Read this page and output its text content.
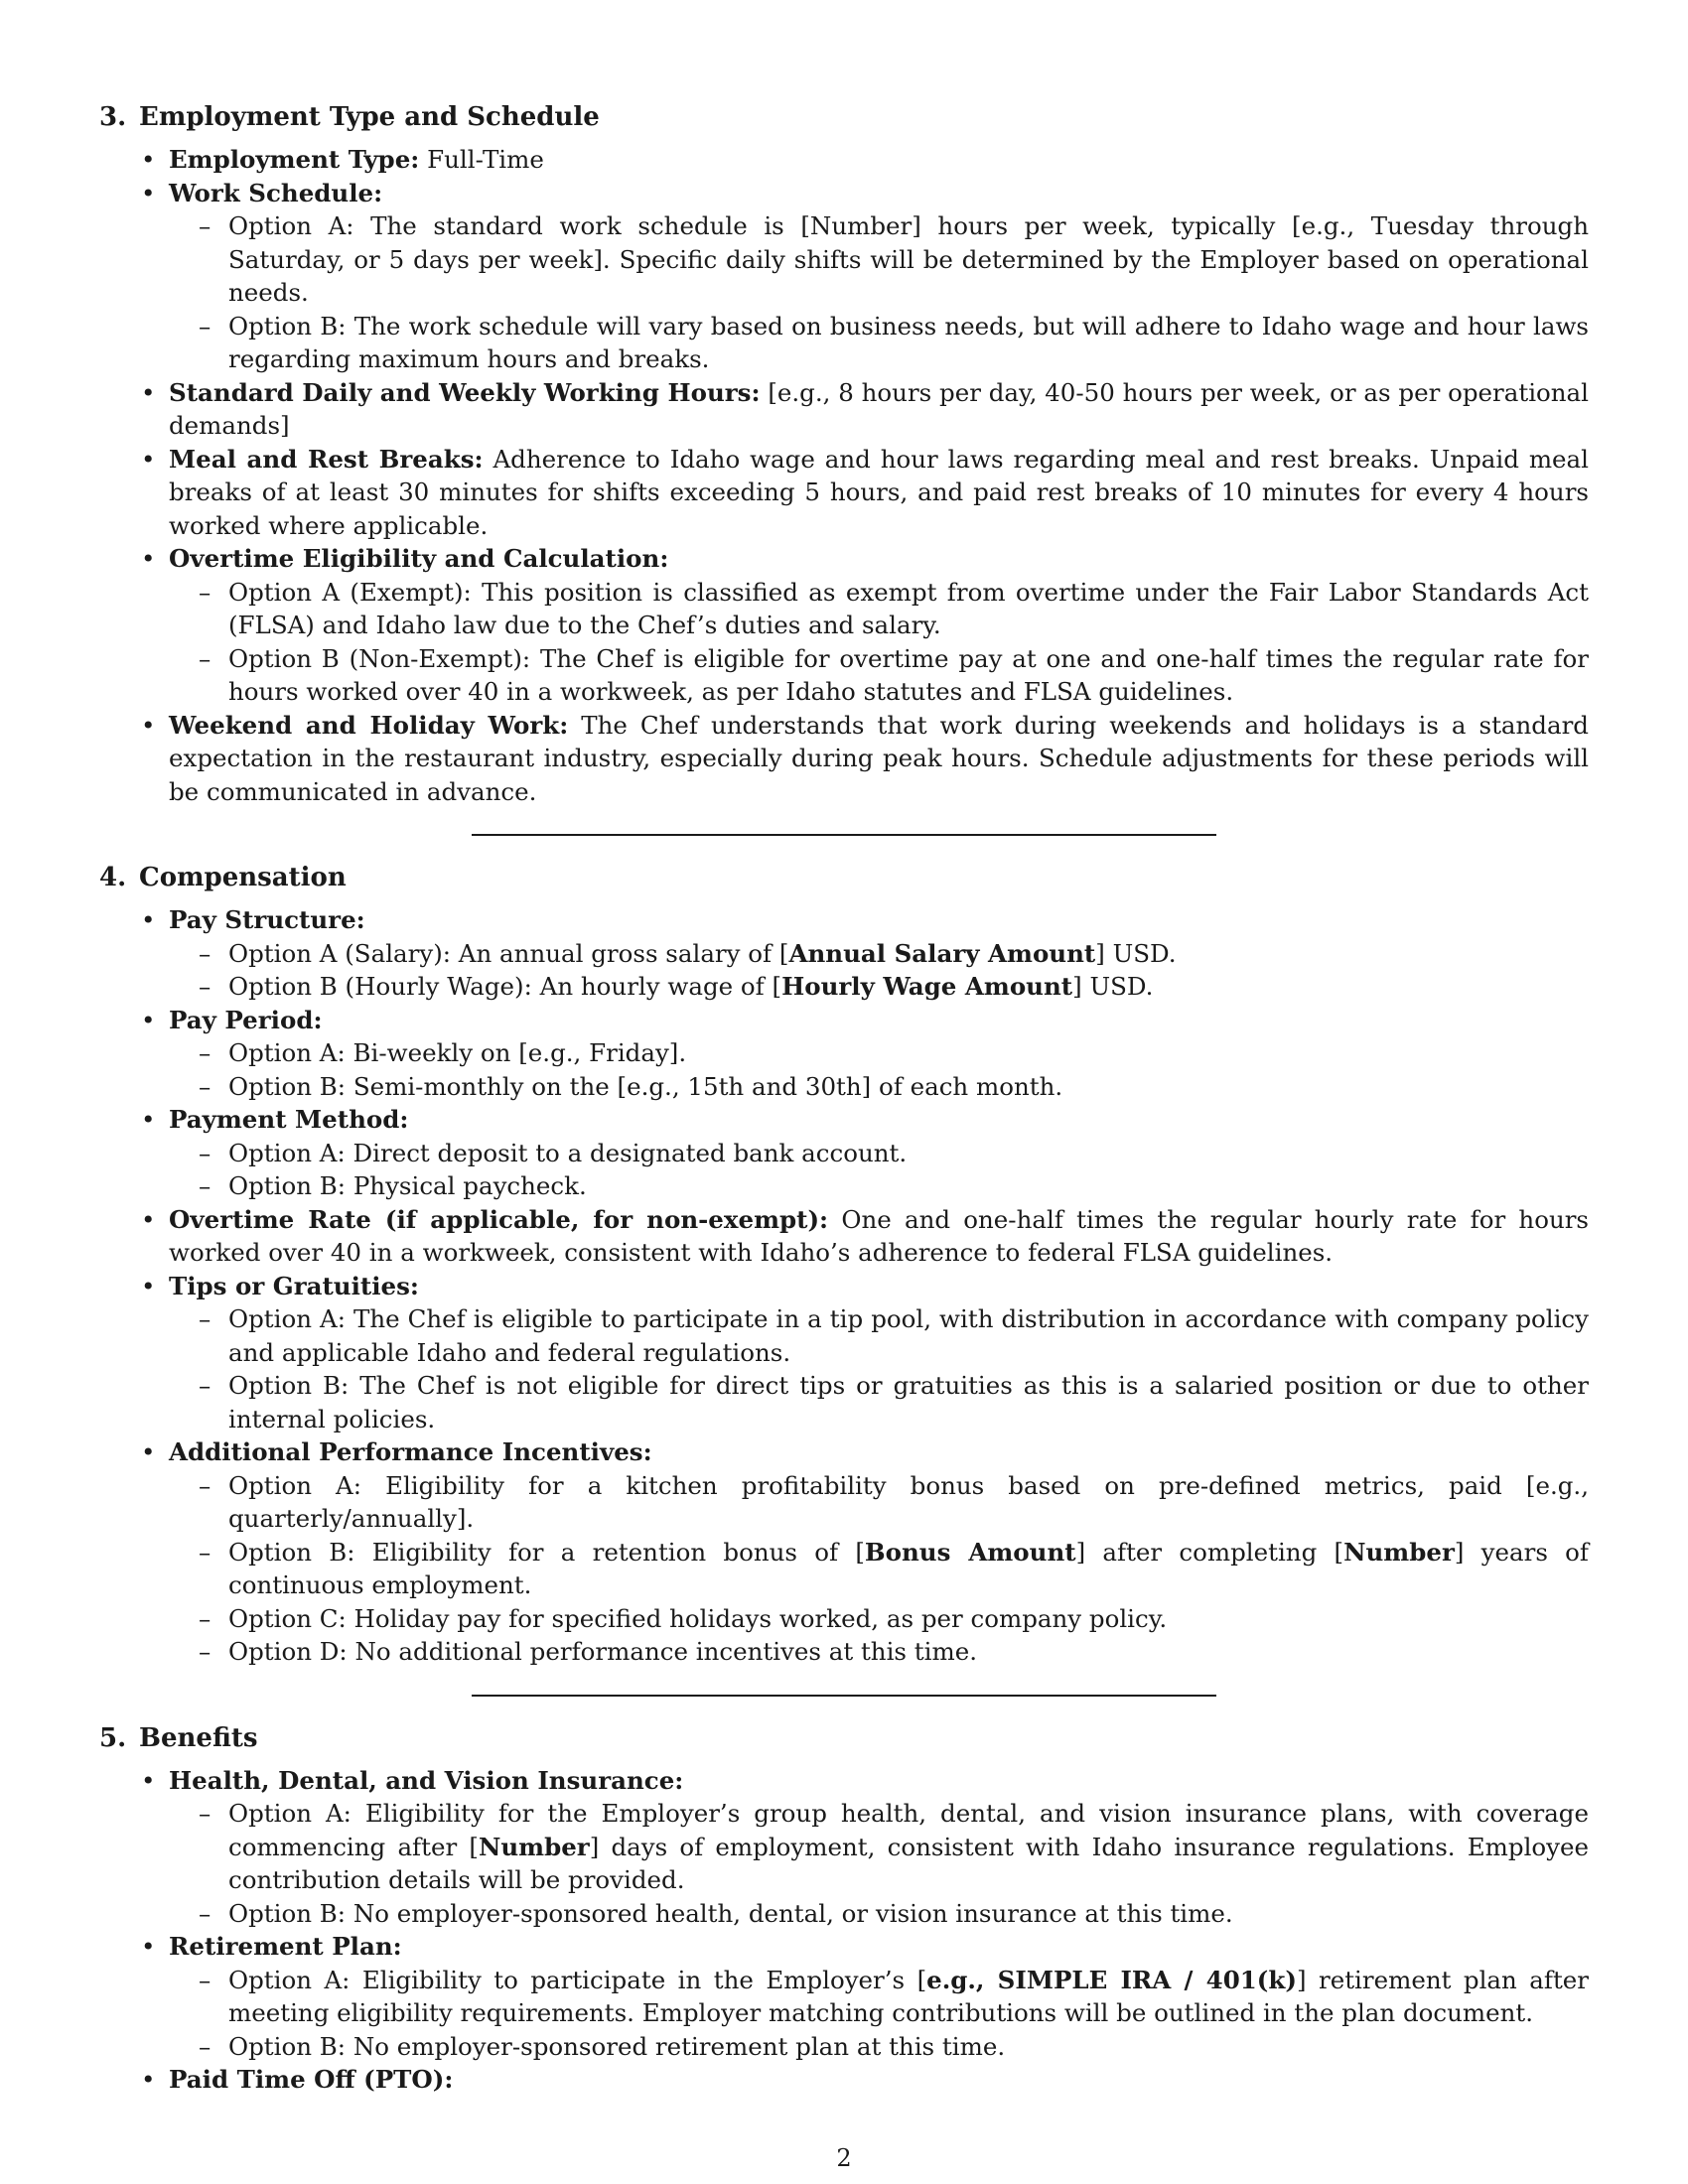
3. Employment Type and Schedule
• Employment Type: Full-Time
• Work Schedule:
– Option A: The standard work schedule is [Number] hours per week, typically [e.g., Tuesday through Saturday, or 5 days per week]. Specific daily shifts will be determined by the Employer based on operational needs.
– Option B: The work schedule will vary based on business needs, but will adhere to Idaho wage and hour laws regarding maximum hours and breaks.
• Standard Daily and Weekly Working Hours: [e.g., 8 hours per day, 40-50 hours per week, or as per operational demands]
• Meal and Rest Breaks: Adherence to Idaho wage and hour laws regarding meal and rest breaks. Unpaid meal breaks of at least 30 minutes for shifts exceeding 5 hours, and paid rest breaks of 10 minutes for every 4 hours worked where applicable.
• Overtime Eligibility and Calculation:
– Option A (Exempt): This position is classified as exempt from overtime under the Fair Labor Standards Act (FLSA) and Idaho law due to the Chef’s duties and salary.
– Option B (Non-Exempt): The Chef is eligible for overtime pay at one and one-half times the regular rate for hours worked over 40 in a workweek, as per Idaho statutes and FLSA guidelines.
• Weekend and Holiday Work: The Chef understands that work during weekends and holidays is a standard expectation in the restaurant industry, especially during peak hours. Schedule adjustments for these periods will be communicated in advance.
4. Compensation
• Pay Structure:
– Option A (Salary): An annual gross salary of [Annual Salary Amount] USD.
– Option B (Hourly Wage): An hourly wage of [Hourly Wage Amount] USD.
• Pay Period:
– Option A: Bi-weekly on [e.g., Friday].
– Option B: Semi-monthly on the [e.g., 15th and 30th] of each month.
• Payment Method:
– Option A: Direct deposit to a designated bank account.
– Option B: Physical paycheck.
• Overtime Rate (if applicable, for non-exempt): One and one-half times the regular hourly rate for hours worked over 40 in a workweek, consistent with Idaho’s adherence to federal FLSA guidelines.
• Tips or Gratuities:
– Option A: The Chef is eligible to participate in a tip pool, with distribution in accordance with company policy and applicable Idaho and federal regulations.
– Option B: The Chef is not eligible for direct tips or gratuities as this is a salaried position or due to other internal policies.
• Additional Performance Incentives:
– Option A: Eligibility for a kitchen profitability bonus based on pre-defined metrics, paid [e.g., quarterly/annually].
– Option B: Eligibility for a retention bonus of [Bonus Amount] after completing [Number] years of continuous employment.
– Option C: Holiday pay for specified holidays worked, as per company policy.
– Option D: No additional performance incentives at this time.
5. Benefits
• Health, Dental, and Vision Insurance:
– Option A: Eligibility for the Employer’s group health, dental, and vision insurance plans, with coverage commencing after [Number] days of employment, consistent with Idaho insurance regulations. Employee contribution details will be provided.
– Option B: No employer-sponsored health, dental, or vision insurance at this time.
• Retirement Plan:
– Option A: Eligibility to participate in the Employer’s [e.g., SIMPLE IRA / 401(k)] retirement plan after meeting eligibility requirements. Employer matching contributions will be outlined in the plan document.
– Option B: No employer-sponsored retirement plan at this time.
• Paid Time Off (PTO):
2
